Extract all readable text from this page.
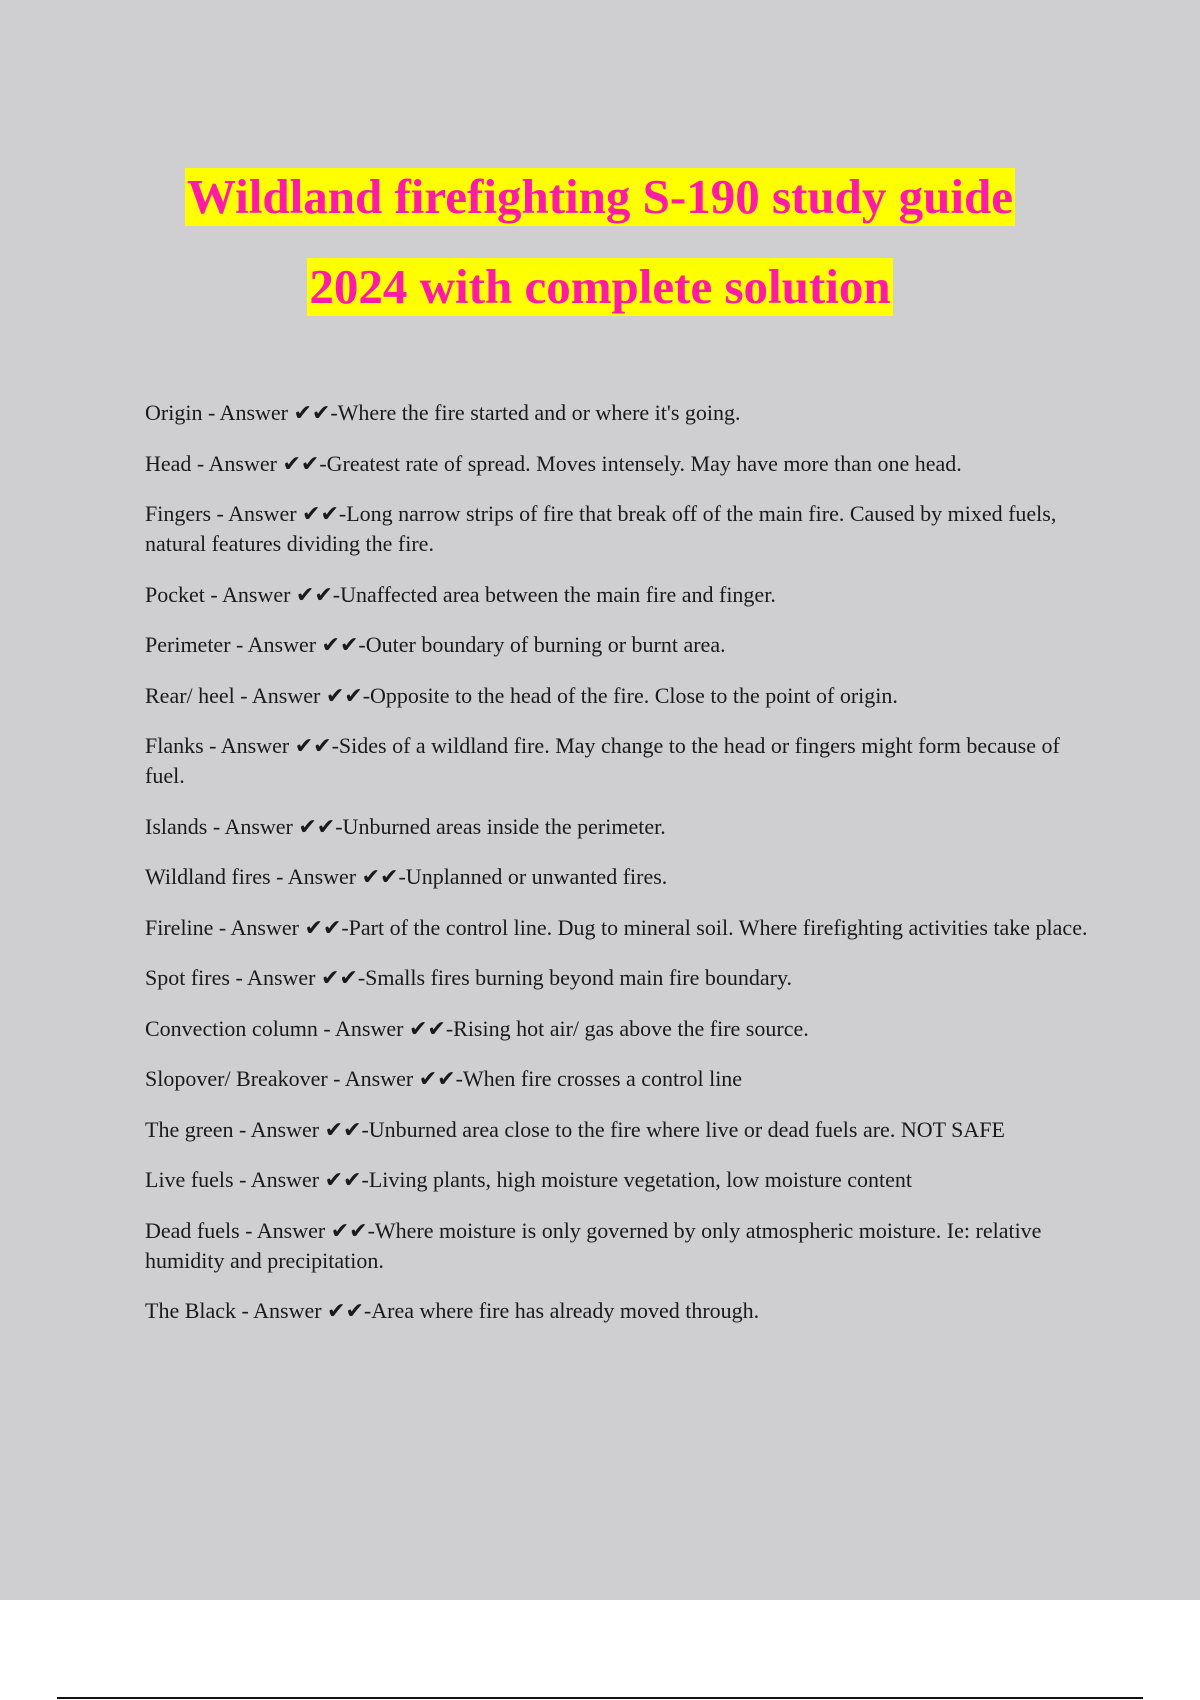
Wildland firefighting S-190 study guide
2024 with complete solution
Origin - Answer ✔✔-Where the fire started and or where it's going.
Head - Answer ✔✔-Greatest rate of spread. Moves intensely. May have more than one head.
Fingers - Answer ✔✔-Long narrow strips of fire that break off of the main fire. Caused by mixed fuels, natural features dividing the fire.
Pocket - Answer ✔✔-Unaffected area between the main fire and finger.
Perimeter - Answer ✔✔-Outer boundary of burning or burnt area.
Rear/ heel - Answer ✔✔-Opposite to the head of the fire. Close to the point of origin.
Flanks - Answer ✔✔-Sides of a wildland fire. May change to the head or fingers might form because of fuel.
Islands - Answer ✔✔-Unburned areas inside the perimeter.
Wildland fires - Answer ✔✔-Unplanned or unwanted fires.
Fireline - Answer ✔✔-Part of the control line. Dug to mineral soil. Where firefighting activities take place.
Spot fires - Answer ✔✔-Smalls fires burning beyond main fire boundary.
Convection column - Answer ✔✔-Rising hot air/ gas above the fire source.
Slopover/ Breakover - Answer ✔✔-When fire crosses a control line
The green - Answer ✔✔-Unburned area close to the fire where live or dead fuels are. NOT SAFE
Live fuels - Answer ✔✔-Living plants, high moisture vegetation, low moisture content
Dead fuels - Answer ✔✔-Where moisture is only governed by only atmospheric moisture. Ie: relative humidity and precipitation.
The Black - Answer ✔✔-Area where fire has already moved through.
